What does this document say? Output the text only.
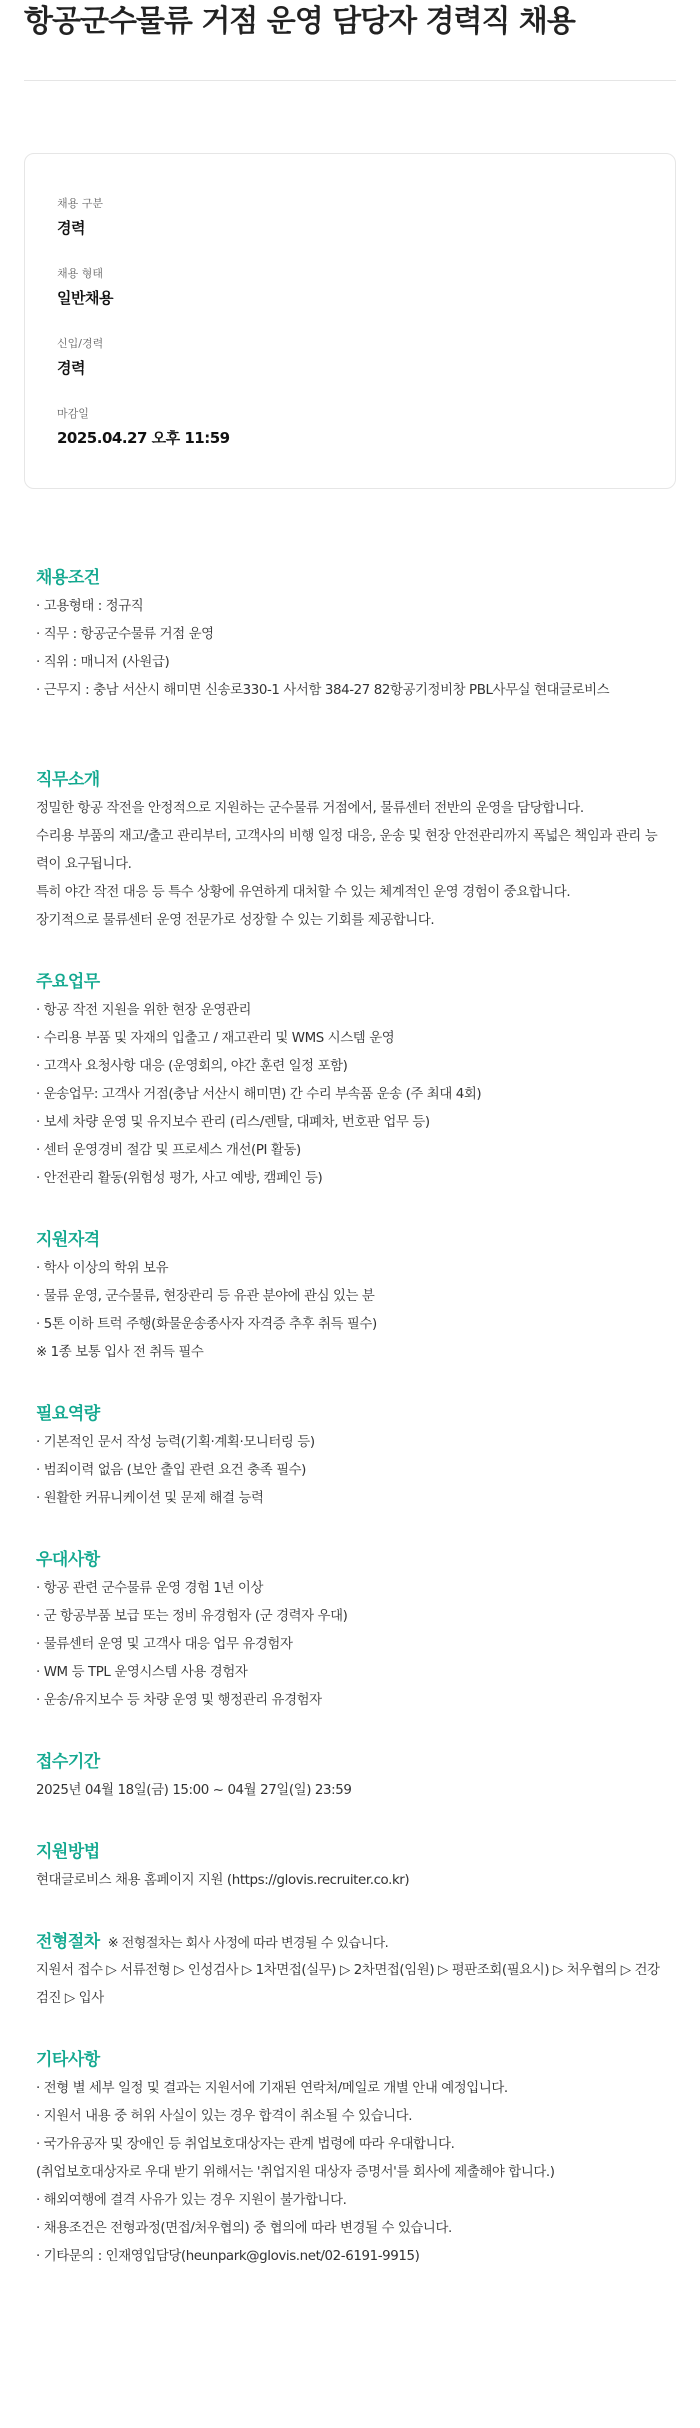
항공군수물류 거점 운영 담당자 경력직 채용
채용 구분
경력
채용 형태
일반채용
신입/경력
경력
마감일
2025.04.27 오후 11:59
채용조건
· 고용형태 : 정규직
· 직무 : 항공군수물류 거점 운영
· 직위 : 매니저 (사원급)
· 근무지 : 충남 서산시 해미면 신송로330-1 사서함 384-27 82항공기정비창 PBL사무실 현대글로비스
직무소개
정밀한 항공 작전을 안정적으로 지원하는 군수물류 거점에서, 물류센터 전반의 운영을 담당합니다.
수리용 부품의 재고/출고 관리부터, 고객사의 비행 일정 대응, 운송 및 현장 안전관리까지 폭넓은 책임과 관리 능력이 요구됩니다.
특히 야간 작전 대응 등 특수 상황에 유연하게 대처할 수 있는 체계적인 운영 경험이 중요합니다.
장기적으로 물류센터 운영 전문가로 성장할 수 있는 기회를 제공합니다.
주요업무
· 항공 작전 지원을 위한 현장 운영관리
· 수리용 부품 및 자재의 입출고 / 재고관리 및 WMS 시스템 운영
· 고객사 요청사항 대응 (운영회의, 야간 훈련 일정 포함)
· 운송업무: 고객사 거점(충남 서산시 해미면) 간 수리 부속품 운송 (주 최대 4회)
· 보세 차량 운영 및 유지보수 관리 (리스/렌탈, 대폐차, 번호판 업무 등)
· 센터 운영경비 절감 및 프로세스 개선(PI 활동)
· 안전관리 활동(위험성 평가, 사고 예방, 캠페인 등)
지원자격
· 학사 이상의 학위 보유
· 물류 운영, 군수물류, 현장관리 등 유관 분야에 관심 있는 분
· 5톤 이하 트럭 주행(화물운송종사자 자격증 추후 취득 필수)
※ 1종 보통 입사 전 취득 필수
필요역량
· 기본적인 문서 작성 능력(기획·계획·모니터링 등)
· 범죄이력 없음 (보안 출입 관련 요건 충족 필수)
· 원활한 커뮤니케이션 및 문제 해결 능력
우대사항
· 항공 관련 군수물류 운영 경험 1년 이상
· 군 항공부품 보급 또는 정비 유경험자 (군 경력자 우대)
· 물류센터 운영 및 고객사 대응 업무 유경험자
· WM 등 TPL 운영시스템 사용 경험자
· 운송/유지보수 등 차량 운영 및 행정관리 유경험자
접수기간
2025년 04월 18일(금) 15:00 ~ 04월 27일(일) 23:59
지원방법
현대글로비스 채용 홈페이지 지원 (https://glovis.recruiter.co.kr)
전형절차 ※ 전형절차는 회사 사정에 따라 변경될 수 있습니다.
지원서 접수 ▷ 서류전형 ▷ 인성검사 ▷ 1차면접(실무) ▷ 2차면접(임원) ▷ 평판조회(필요시) ▷ 처우협의 ▷ 건강검진 ▷ 입사
기타사항
· 전형 별 세부 일정 및 결과는 지원서에 기재된 연락처/메일로 개별 안내 예정입니다.
· 지원서 내용 중 허위 사실이 있는 경우 합격이 취소될 수 있습니다.
· 국가유공자 및 장애인 등 취업보호대상자는 관계 법령에 따라 우대합니다.
(취업보호대상자로 우대 받기 위해서는 '취업지원 대상자 증명서'를 회사에 제출해야 합니다.)
· 해외여행에 결격 사유가 있는 경우 지원이 불가합니다.
· 채용조건은 전형과정(면접/처우협의) 중 협의에 따라 변경될 수 있습니다.
· 기타문의 : 인재영입담당(heunpark@glovis.net/02-6191-9915)
